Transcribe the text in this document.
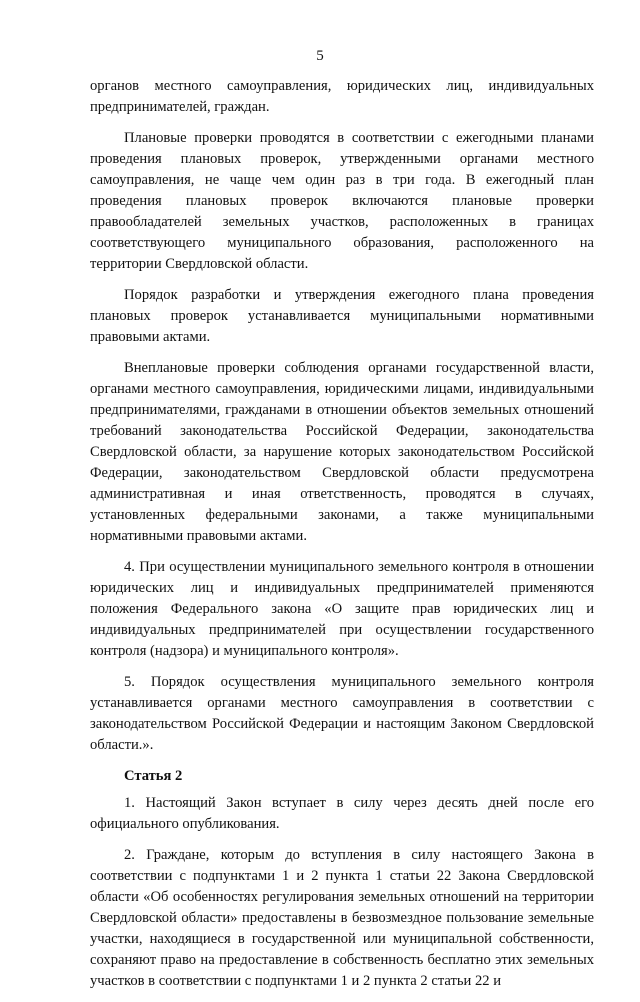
5

органов местного самоуправления, юридических лиц, индивидуальных предпринимателей, граждан.

Плановые проверки проводятся в соответствии с ежегодными планами проведения плановых проверок, утвержденными органами местного самоуправления, не чаще чем один раз в три года. В ежегодный план проведения плановых проверок включаются плановые проверки правообладателей земельных участков, расположенных в границах соответствующего муниципального образования, расположенного на территории Свердловской области.

Порядок разработки и утверждения ежегодного плана проведения плановых проверок устанавливается муниципальными нормативными правовыми актами.

Внеплановые проверки соблюдения органами государственной власти, органами местного самоуправления, юридическими лицами, индивидуальными предпринимателями, гражданами в отношении объектов земельных отношений требований законодательства Российской Федерации, законодательства Свердловской области, за нарушение которых законодательством Российской Федерации, законодательством Свердловской области предусмотрена административная и иная ответственность, проводятся в случаях, установленных федеральными законами, а также муниципальными нормативными правовыми актами.

4. При осуществлении муниципального земельного контроля в отношении юридических лиц и индивидуальных предпринимателей применяются положения Федерального закона «О защите прав юридических лиц и индивидуальных предпринимателей при осуществлении государственного контроля (надзора) и муниципального контроля».

5. Порядок осуществления муниципального земельного контроля устанавливается органами местного самоуправления в соответствии с законодательством Российской Федерации и настоящим Законом Свердловской области.».

Статья 2

1. Настоящий Закон вступает в силу через десять дней после его официального опубликования.

2. Граждане, которым до вступления в силу настоящего Закона в соответствии с подпунктами 1 и 2 пункта 1 статьи 22 Закона Свердловской области «Об особенностях регулирования земельных отношений на территории Свердловской области» предоставлены в безвозмездное пользование земельные участки, находящиеся в государственной или муниципальной собственности, сохраняют право на предоставление в собственность бесплатно этих земельных участков в соответствии с подпунктами 1 и 2 пункта 2 статьи 22 и
